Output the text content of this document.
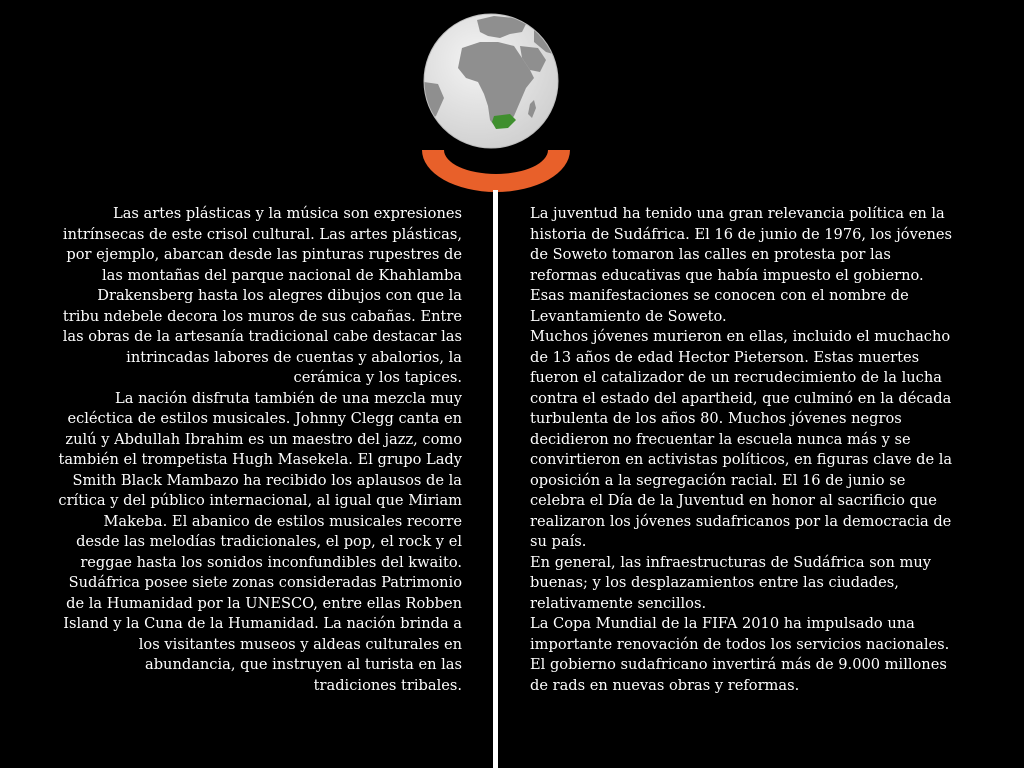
Las artes plásticas y la música son expresiones intrínsecas de este crisol cultural. Las artes plásticas, por ejemplo, abarcan desde las pinturas rupestres de las montañas del parque nacional de Khahlamba Drakensberg hasta los alegres dibujos con que la tribu ndebele decora los muros de sus cabañas. Entre las obras de la artesanía tradicional cabe destacar las intrincadas labores de cuentas y abalorios, la cerámica y los tapices.

La nación disfruta también de una mezcla muy ecléctica de estilos musicales. Johnny Clegg canta en zulú y Abdullah Ibrahim es un maestro del jazz, como también el trompetista Hugh Masekela. El grupo Lady Smith Black Mambazo ha recibido los aplausos de la crítica y del público internacional, al igual que Miriam Makeba. El abanico de estilos musicales recorre desde las melodías tradicionales, el pop, el rock y el reggae hasta los sonidos inconfundibles del kwaito.

Sudáfrica posee siete zonas consideradas Patrimonio de la Humanidad por la UNESCO, entre ellas Robben Island y la Cuna de la Humanidad. La nación brinda a los visitantes museos y aldeas culturales en abundancia, que instruyen al turista en las tradiciones tribales.

La juventud ha tenido una gran relevancia política en la historia de Sudáfrica. El 16 de junio de 1976, los jóvenes de Soweto tomaron las calles en protesta por las reformas educativas que había impuesto el gobierno. Esas manifestaciones se conocen con el nombre de Levantamiento de Soweto.

Muchos jóvenes murieron en ellas, incluido el muchacho de 13 años de edad Hector Pieterson. Estas muertes fueron el catalizador de un recrudecimiento de la lucha contra el estado del apartheid, que culminó en la década turbulenta de los años 80. Muchos jóvenes negros decidieron no frecuentar la escuela nunca más y se convirtieron en activistas políticos, en figuras clave de la oposición a la segregación racial. El 16 de junio se celebra el Día de la Juventud en honor al sacrificio que realizaron los jóvenes sudafricanos por la democracia de su país.

En general, las infraestructuras de Sudáfrica son muy buenas; y los desplazamientos entre las ciudades, relativamente sencillos.

La Copa Mundial de la FIFA 2010 ha impulsado una importante renovación de todos los servicios nacionales. El gobierno sudafricano invertirá más de 9.000 millones de rads en nuevas obras y reformas.
